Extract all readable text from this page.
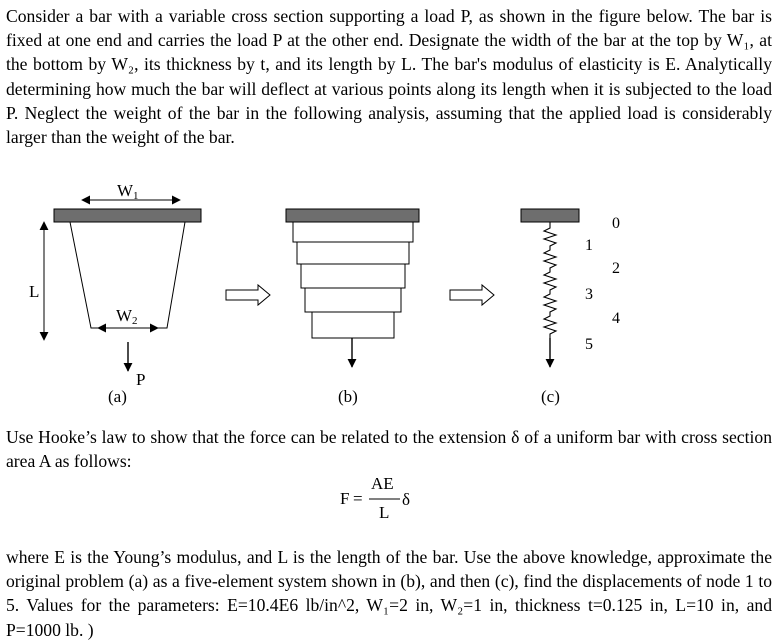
Consider a bar with a variable cross section supporting a load P, as shown in the figure below. The bar is fixed at one end and carries the load P at the other end. Designate the width of the bar at the top by W₁, at the bottom by W₂, its thickness by t, and its length by L. The bar's modulus of elasticity is E. Analytically determining how much the bar will deflect at various points along its length when it is subjected to the load P. Neglect the weight of the bar in the following analysis, assuming that the applied load is considerably larger than the weight of the bar.

W1
L
W2
P
(a)	(b)
0
1
2
3
4
5
(c)

Use Hooke’s law to show that the force can be related to the extension δ of a uniform bar with cross section area A as follows:

F =
AE
L
δ

where E is the Young’s modulus, and L is the length of the bar. Use the above knowledge, approximate the original problem (a) as a five-element system shown in (b), and then (c), find the displacements of node 1 to 5. Values for the parameters: E=10.4E6 lb/in^2, W₁=2 in, W₂=1 in, thickness t=0.125 in, L=10 in, and P=1000 lb. )
